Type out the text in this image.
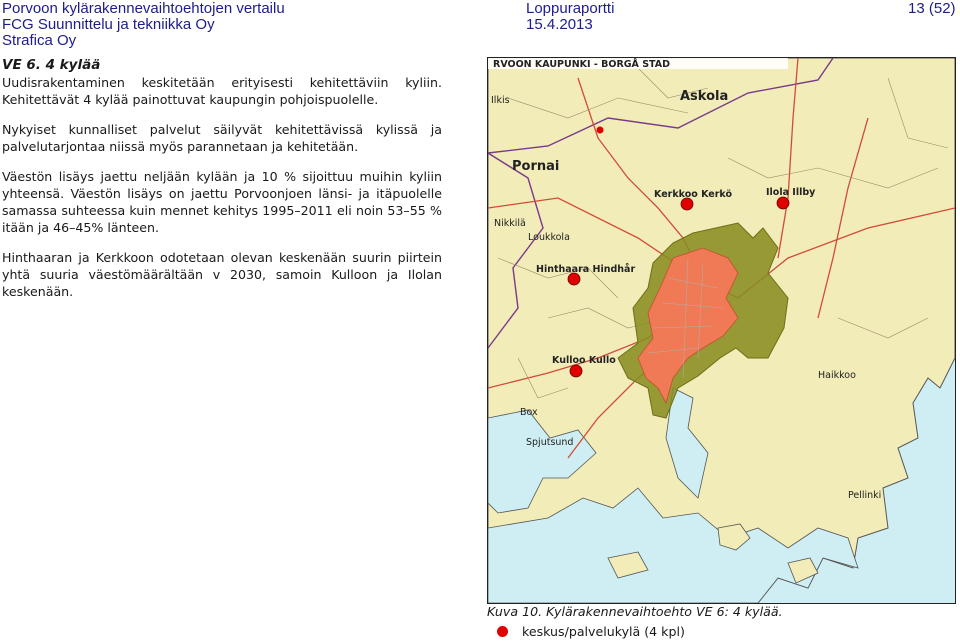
Porvoon kylärakennevaihtoehtojen vertailu
FCG Suunnittelu ja tekniikka Oy
Strafica Oy
Loppuraportti
15.4.2013
13 (52)

VE 6. 4 kylää

Uudisrakentaminen keskitetään erityisesti kehitettäviin kyliin. Kehitettävät 4 kylää painottuvat kaupungin pohjoispuolelle.

Nykyiset kunnalliset palvelut säilyvät kehitettävissä kylissä ja palvelutarjontaa niissä myös parannetaan ja kehitetään.

Väestön lisäys jaettu neljään kylään ja 10 % sijoittuu muihin kyliin yhteensä. Väestön lisäys on jaettu Porvoonjoen länsi- ja itäpuolelle samassa suhteessa kuin mennet kehitys 1995–2011 eli noin 53–55 % itään ja 46–45% länteen.

Hinthaaran ja Kerkkoon odotetaan olevan keskenään suurin piirtein yhtä suuria väestömäärältään v 2030, samoin Kulloon ja Ilolan keskenään.

RVOON KAUPUNKI - BORGÅ STAD
Askola
Pornai
Kerkkoo Kerkö	Ilola Illby
Hinthaara Hindhår
Kulloo Kullo
Box
Spjutsund
Nikkilä
Loukkola
Ilkis
Haikkoo
Pellinki
Kuva 10. Kylärakennevaihtoehto VE 6: 4 kylää.
keskus/palvelukylä (4 kpl)
